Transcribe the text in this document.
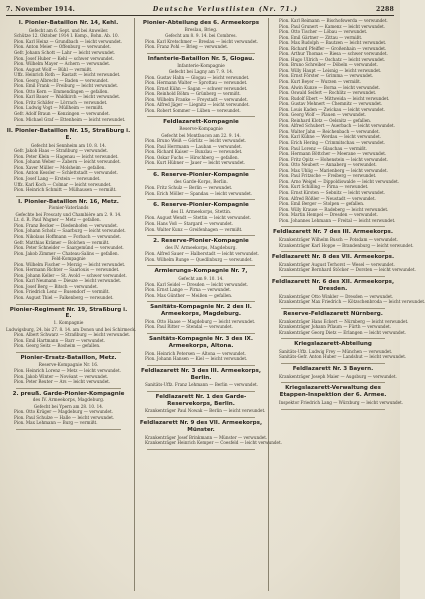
7. November 1914.	Deutsche Verlustlisten (Nr. 71.)	2288
I. Pionier-Bataillon Nr. 14, Kehl.
Gefecht am 6. Sept. und bei Anweiler.
Schütze 12. Oktober 1914 I. Komp., Bohn. Ab. 10.
Pion. Karl Heinz — Grundbach — leicht verwundet.
Pion. Anton Meier — Offenburg — verwundet.
Gefr. Johann Schott — Lahr — leicht verwundet.
Pion. Josef Huber — Kehl — schwer verwundet.
Pion. Wilhelm Mayer — Achern — verwundet.
Pion. August Wolf — Bühl — vermißt.
Uffz. Heinrich Roth — Rastatt — leicht verwundet.
Pion. Georg Albrecht — Baden — verwundet.
Pion. Emil Frank — Freiburg — leicht verwundet.
Pion. Otto Kern — Emmendingen — gefallen.
Pion. Karl Bauer — Waldkirch — leicht verwundet.
Pion. Fritz Schäfer — Lörrach — verwundet.
Pion. Ludwig Vogt — Müllheim — vermißt.
Gefr. Adolf Braun — Kenzingen — verwundet.
Pion. Michael Graf — Ettenheim — leicht verwundet.
II. Pionier-Bataillon Nr. 15, Straßburg i. E.
Gefecht bei Sennheim am 10. 8. 14.
Gefr. Jakob Haas — Straßburg — verwundet.
Pion. Peter Klein — Hagenau — leicht verwundet.
Pion. Johann Weber — Zabern — leicht verwundet.
Pion. Xaver Müller — Molsheim — gefallen.
Pion. Anton Kessler — Schlettstadt — verwundet.
Pion. Josef Lang — Erstein — verwundet.
Uffz. Karl Koch — Colmar — leicht verwundet.
Pion. Heinrich Schmitt — Mülhausen — vermißt.
I. Pionier-Bataillon Nr. 16, Metz.
Pionier-Vaterlands
Gefechte bei Frescaty und Chambière am 2. 9. 14.
Lt. d. R. Paul Wagner — Metz — gefallen.
Pion. Franz Becker — Diedenhofen — verwundet.
Pion. Johann Scholz — Saarburg — leicht verwundet.
Pion. Nikolaus Hoffmann — Forbach — verwundet.
Gefr. Matthias Krämer — Bolchen — vermißt.
Pion. Peter Schneider — Saargemünd — verwundet.
Pion. Jakob Zimmer — Chateau-Salins — gefallen.
Feld-Kompagnie
Pion. Wilhelm Fischer — Merzig — leicht verwundet.
Pion. Hermann Richter — Saarlouis — verwundet.
Pion. Johann Keller — St. Avold — schwer verwundet.
Pion. Karl Neumann — Dieuze — leicht verwundet.
Pion. Josef Berg — Bitsch — verwundet.
Pion. Friedrich Lenz — Busendorf — vermißt.
Pion. August Thiel — Falkenberg — verwundet.
Pionier-Regiment Nr. 19, Straßburg i. E.
1. Kompagnie
Ludwigsburg, 24. bis 27. 8. 14. am Donon und bei Schirmeck.
Pion. Albert Schwarz — Straßburg — leicht verwundet.
Pion. Emil Hartmann — Barr — verwundet.
Pion. Georg Seitz — Rosheim — gefallen.
Pionier-Ersatz-Bataillon, Metz.
Reserve-Kompagnie Nr. 16.
Pion. Heinrich Lorenz — Metz — leicht verwundet.
Pion. Jakob Winter — Novéant — verwundet.
Pion. Peter Reuter — Ars — leicht verwundet.
2. preuß. Garde-Pionier-Kompagnie
des IV. Armeekorps, Magdeburg.
Gefecht bei Ypern am 28. 10. 14.
Pion. Otto Krüger — Magdeburg — verwundet.
Pion. Paul Schulze — Halle — leicht verwundet.
Pion. Max Lehmann — Burg — vermißt.
Pionier-Abteilung des 6. Armeekorps
Breslau, Brieg.
Gefecht am 8. 9. 14. bei Combres.
Pion. Karl Kretschmer — Breslau — leicht verwundet.
Pion. Franz Pohl — Brieg — verwundet.
Infanterie-Bataillon Nr. 5, Glogau.
Infanterie-Kompagnie
Gefecht bei Lagny am 7. 9. 14.
Pion. Gustav Hahn — Glogau — leicht verwundet.
Pion. Hermann Walter — Sprottau — verwundet.
Pion. Ernst Kühn — Sagan — schwer verwundet.
Pion. Reinhold Böhm — Grünberg — vermißt.
Pion. Wilhelm Franke — Freystadt — verwundet.
Pion. Alfred Jäger — Liegnitz — leicht verwundet.
Pion. Robert Sommer — Lüben — verwundet.
Feldlazarett-Kompagnie
Reserve-Kompagnie
Gefecht bei Montfaucon am 22. 9. 14.
Pion. Bruno Weiß — Görlitz — leicht verwundet.
Pion. Paul Herrmann — Lauban — verwundet.
Pion. Richard Kaiser — Bunzlau — verwundet.
Pion. Oskar Fuchs — Hirschberg — gefallen.
Pion. Kurt Hübner — Jauer — leicht verwundet.
6. Reserve-Pionier-Kompagnie
des Garde-Korps, Berlin.
Pion. Fritz Schulz — Berlin — verwundet.
Pion. Erich Möller — Spandau — leicht verwundet.
6. Reserve-Pionier-Kompagnie
des II. Armeekorps, Stettin.
Pion. August Wendt — Stettin — leicht verwundet.
Pion. Hans Voß — Stargard — verwundet.
Pion. Walter Kunz — Greifenhagen — vermißt.
2. Reserve-Pionier-Kompagnie
des IV. Armeekorps, Magdeburg.
Pion. Alfred Sauer — Halberstadt — leicht verwundet.
Pion. Wilhelm Runge — Quedlinburg — verwundet.
Armierungs-Kompagnie Nr. 7,
Gefecht am 9. 10. 14.
Pion. Karl Seidel — Dresden — leicht verwundet.
Pion. Ernst Lange — Pirna — verwundet.
Pion. Max Günther — Meißen — gefallen.
Sanitäts-Kompagnie Nr. 2 des II. Armeekorps, Magdeburg.
Pion. Otto Haase — Magdeburg — leicht verwundet.
Pion. Paul Ritter — Stendal — verwundet.
Sanitäts-Kompagnie Nr. 3 des IX. Armeekorps, Altona.
Pion. Heinrich Petersen — Altona — verwundet.
Pion. Johann Hansen — Kiel — leicht verwundet.
Feldlazarett Nr. 3 des III. Armeekorps, Berlin.
Sanitäts-Uffz. Franz Lehmann — Berlin — verwundet.
Feldlazarett Nr. 1 des Garde-Reservekorps, Berlin.
Krankenträger Paul Nowak — Berlin — leicht verwundet.
Feldlazarett Nr. 9 des VII. Armeekorps, Münster.
Krankenträger Josef Brinkmann — Münster — verwundet.
Krankenträger Heinrich Kemper — Coesfeld — leicht verwundet.
Pion. Karl Reimann — Bischofswerda — verwundet.
Pion. Paul Grunert — Kamenz — leicht verwundet.
Pion. Otto Tischer — Löbau — verwundet.
Pion. Emil Gärtner — Zittau — vermißt.
Pion. Max Rudolph — Bautzen — leicht verwundet.
Pion. Richard Pfeiffer — Großenhain — verwundet.
Pion. Arthur Thomas — Riesa — schwer verwundet.
Pion. Hugo Ullrich — Oschatz — leicht verwundet.
Pion. Bruno Schreiber — Döbeln — verwundet.
Pion. Willy Haupt — Leisnig — leicht verwundet.
Pion. Ernst Förster — Grimma — verwundet.
Pion. Kurt Beyer — Wurzen — vermißt.
Pion. Alwin Kunze — Borna — leicht verwundet.
Pion. Oswald Seifert — Rochlitz — verwundet.
Pion. Rudolf Ebert — Mittweida — leicht verwundet.
Pion. Gustav Mehnert — Chemnitz — verwundet.
Pion. Louis Kaden — Zwickau — leicht verwundet.
Pion. Georg Wolf — Plauen — verwundet.
Pion. Reinhard Klotz — Oelsnitz — gefallen.
Pion. Alfred Schubert — Auerbach — leicht verwundet.
Pion. Walter Jahn — Reichenbach — verwundet.
Pion. Karl Kühne — Werdau — leicht verwundet.
Pion. Erich Hering — Crimmitschau — verwundet.
Pion. Paul Lorenz — Glauchau — vermißt.
Pion. Hermann Böttcher — Meerane — verwundet.
Pion. Fritz Opitz — Hohenstein — leicht verwundet.
Pion. Otto Neubert — Annaberg — verwundet.
Pion. Max Uhlig — Marienberg — leicht verwundet.
Pion. Paul Fritzsche — Freiberg — verwundet.
Pion. Arno Weigel — Dippoldiswalde — leicht verwundet.
Pion. Kurt Schilling — Pirna — verwundet.
Pion. Ernst Kirsten — Sebnitz — leicht verwundet.
Pion. Alfred Rößler — Neustadt — verwundet.
Pion. Emil Berger — Stolpen — gefallen.
Pion. Willy Krause — Radeberg — leicht verwundet.
Pion. Martin Hempel — Dresden — verwundet.
Pion. Johannes Lehmann — Freital — leicht verwundet.
Feldlazarett Nr. 7 des III. Armeekorps.
Krankenträger Wilhelm Busch — Potsdam — verwundet.
Krankenträger Karl Hoppe — Brandenburg — leicht verwundet.
Feldlazarett Nr. 8 des VII. Armeekorps.
Krankenträger August Terhorst — Wesel — verwundet.
Krankenträger Bernhard Stöcker — Dorsten — leicht verwundet.
Feldlazarett Nr. 6 des XII. Armeekorps, Dresden.
Krankenträger Otto Winkler — Dresden — verwundet.
Krankenträger Max Friedrich — Kötzschenbroda — leicht verwundet.
Reserve-Feldlazarett Nürnberg.
Krankenträger Hans Eckert — Nürnberg — leicht verwundet.
Krankenträger Johann Pflaum — Fürth — verwundet.
Krankenträger Georg Dietz — Erlangen — leicht verwundet.
Kriegslazarett-Abteilung
Sanitäts-Uffz. Ludwig Frey — München — verwundet.
Sanitäts-Gefr. Anton Huber — Landshut — leicht verwundet.
Feldlazarett Nr. 3 Bayern.
Krankenträger Joseph Maier — Augsburg — verwundet.
Kriegslazarett-Verwaltung des Etappen-Inspektion der 6. Armee.
Inspektor Friedrich Lang — Würzburg — leicht verwundet.
